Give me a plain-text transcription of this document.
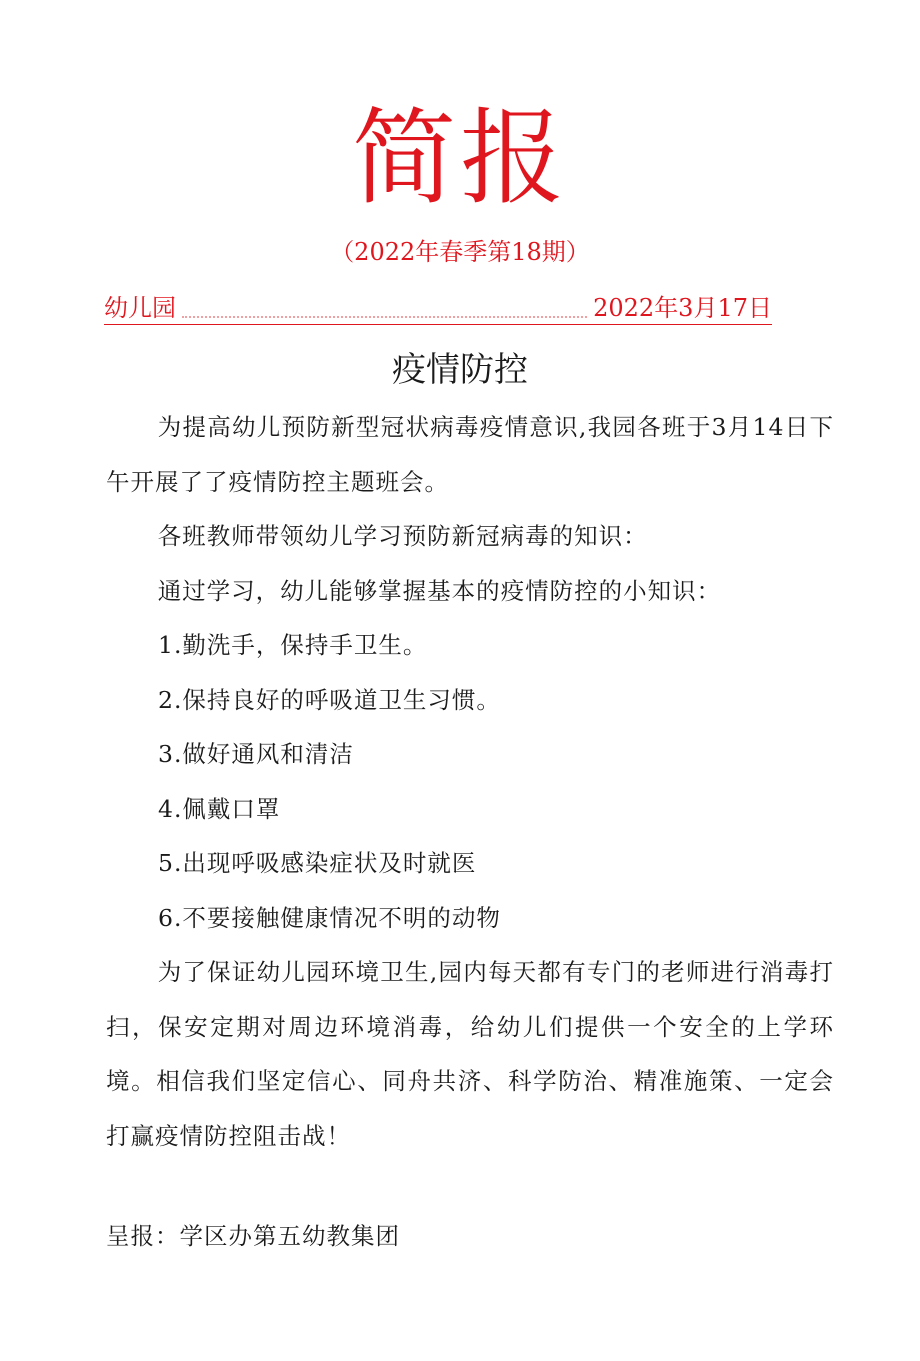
简报
（2022年春季第18期）
幼儿园	2022年3月17日
疫情防控

为提高幼儿预防新型冠状病毒疫情意识,我园各班于3月14日下午开展了了疫情防控主题班会。

各班教师带领幼儿学习预防新冠病毒的知识：

通过学习，幼儿能够掌握基本的疫情防控的小知识：

1.勤洗手，保持手卫生。

2.保持良好的呼吸道卫生习惯。

3.做好通风和清洁

4.佩戴口罩

5.出现呼吸感染症状及时就医

6.不要接触健康情况不明的动物

为了保证幼儿园环境卫生,园内每天都有专门的老师进行消毒打扫，保安定期对周边环境消毒，给幼儿们提供一个安全的上学环境。相信我们坚定信心、同舟共济、科学防治、精准施策、一定会打赢疫情防控阻击战！

呈报：学区办第五幼教集团
